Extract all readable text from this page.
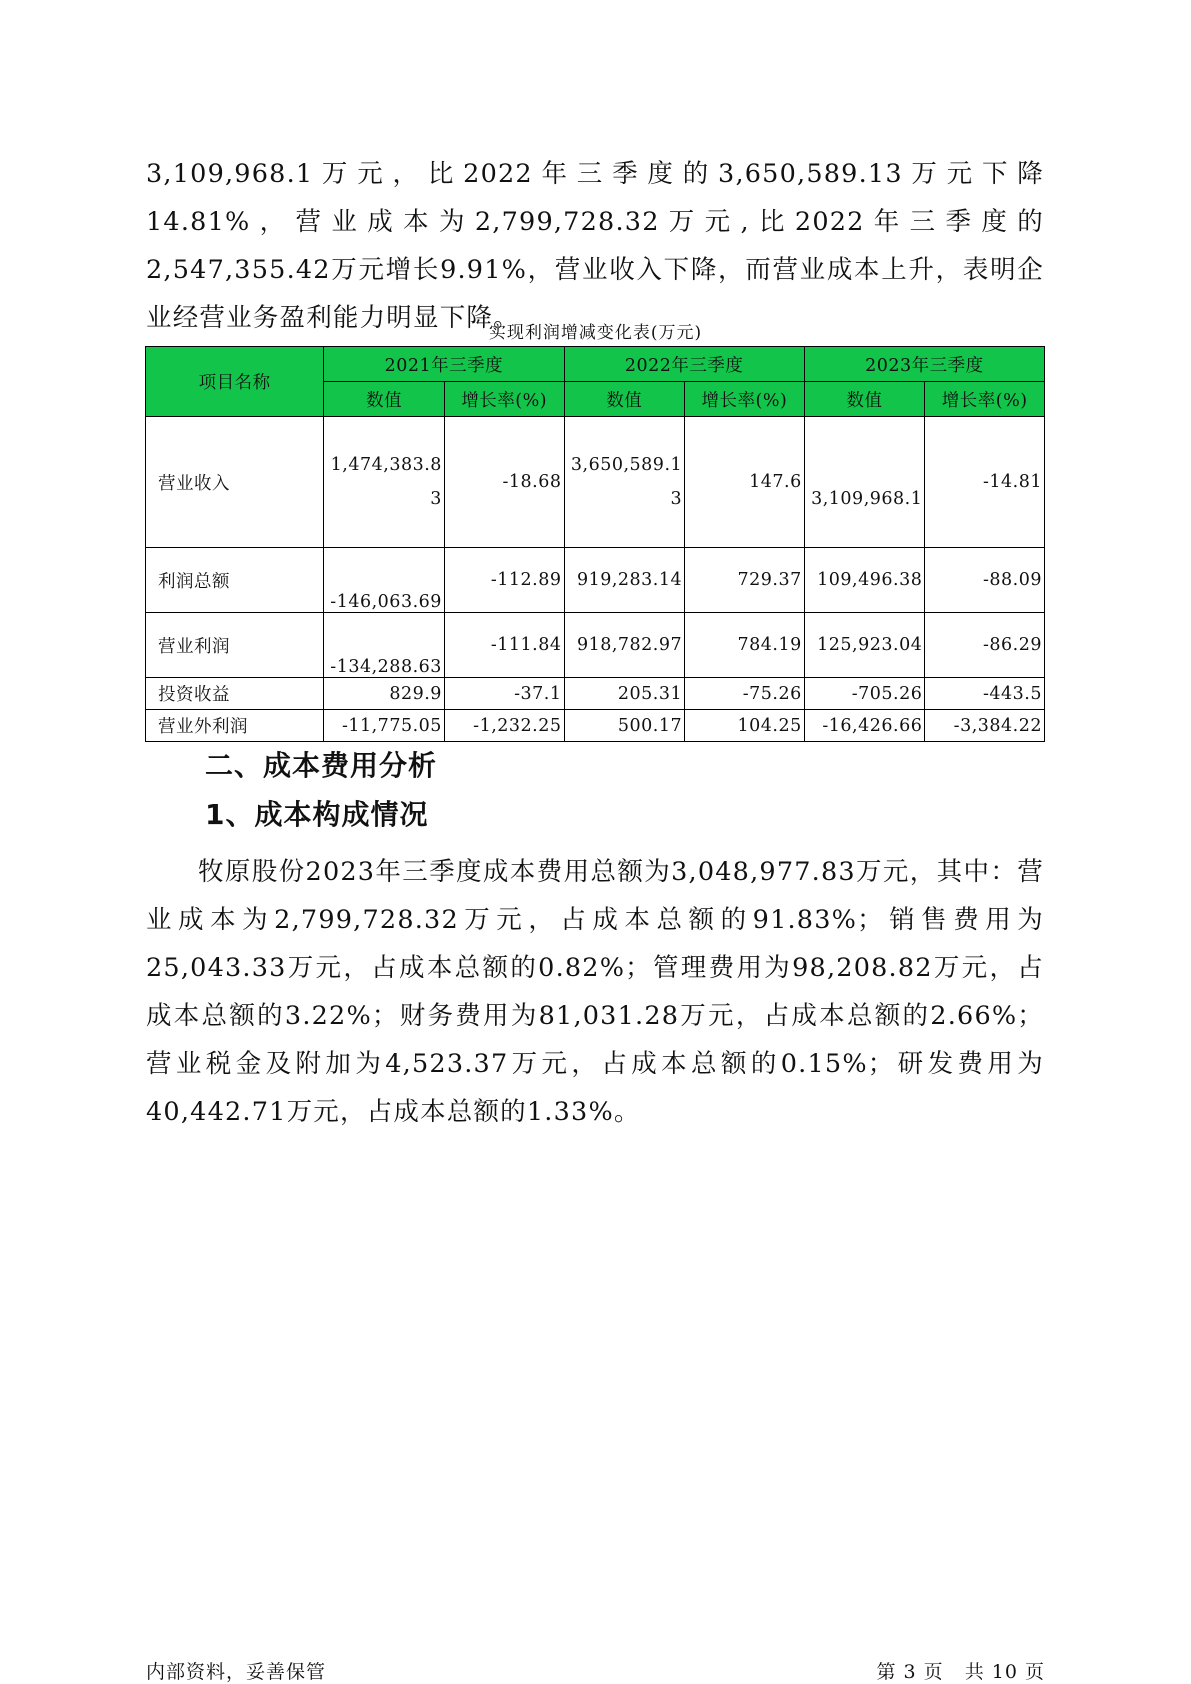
3,109,968.1万元，比2022年三季度的3,650,589.13万元下降14.81%，营业成本为2,799,728.32万元,比2022年三季度的2,547,355.42万元增长9.91%，营业收入下降，而营业成本上升，表明企业经营业务盈利能力明显下降。

实现利润增减变化表(万元)
项目名称	2021年三季度		2022年三季度		2023年三季度	
	数值	增长率(%)	数值	增长率(%)	数值	增长率(%)
营业收入	1,474,383.83	-18.68	3,650,589.13	147.6	3,109,968.1	-14.81
利润总额	-146,063.69	-112.89	919,283.14	729.37	109,496.38	-88.09
营业利润	-134,288.63	-111.84	918,782.97	784.19	125,923.04	-86.29
投资收益	829.9	-37.1	205.31	-75.26	-705.26	-443.5
营业外利润	-11,775.05	-1,232.25	500.17	104.25	-16,426.66	-3,384.22
二、成本费用分析
1、成本构成情况

牧原股份2023年三季度成本费用总额为3,048,977.83万元，其中：营业成本为2,799,728.32万元，占成本总额的91.83%；销售费用为25,043.33万元，占成本总额的0.82%；管理费用为98,208.82万元，占成本总额的3.22%；财务费用为81,031.28万元，占成本总额的2.66%；营业税金及附加为4,523.37万元，占成本总额的0.15%；研发费用为40,442.71万元，占成本总额的1.33%。

内部资料，妥善保管	第 3 页   共 10 页
